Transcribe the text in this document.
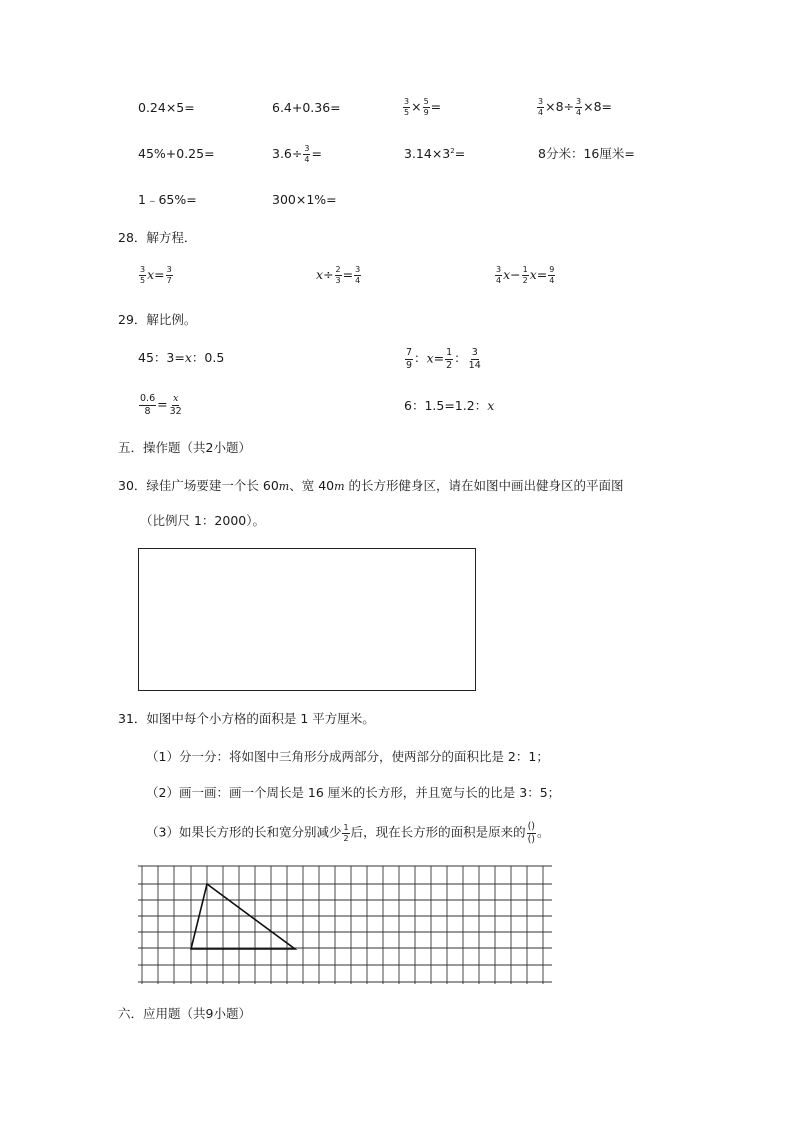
0.24×5=	6.4+0.36=	$\frac{3}{5} \times \frac{5}{9}$ =	$\frac{3}{4} \times 8\div \frac{3}{4} \times 8=$
45%+0.25=	$3.6\div \frac{3}{4}$ =	$3.14\times 3^2=$	8分米：16厘米=
1﹣65%=	300×1%=
28．解方程．
$\frac{3}{5} x= \frac{3}{7}$	$x\div \frac{2}{3} = \frac{3}{4}$	$\frac{3}{4} x- \frac{1}{2} x= \frac{9}{4}$
29．解比例。
45：3=x：0.5	$\frac{7}{9}$ ：$x= \frac{1}{2}$ ： $\frac{3}{14}$
$\frac{0.6}{8} = \frac{x}{32}$	6：1.5=1.2：x
五．操作题（共2小题）
30．绿佳广场要建一个长 60m、宽 40m 的长方形健身区，请在如图中画出健身区的平面图
（比例尺 1：2000）。
31．如图中每个小方格的面积是 1 平方厘米。
（1）分一分：将如图中三角形分成两部分，使两部分的面积比是 2：1；
（2）画一画：画一个周长是 16 厘米的长方形，并且宽与长的比是 3：5；
（3）如果长方形的长和宽分别减少 $\frac{1}{2}$ 后，现在长方形的面积是原来的 $\frac{()}{()}$ 。
六．应用题（共9小题）
